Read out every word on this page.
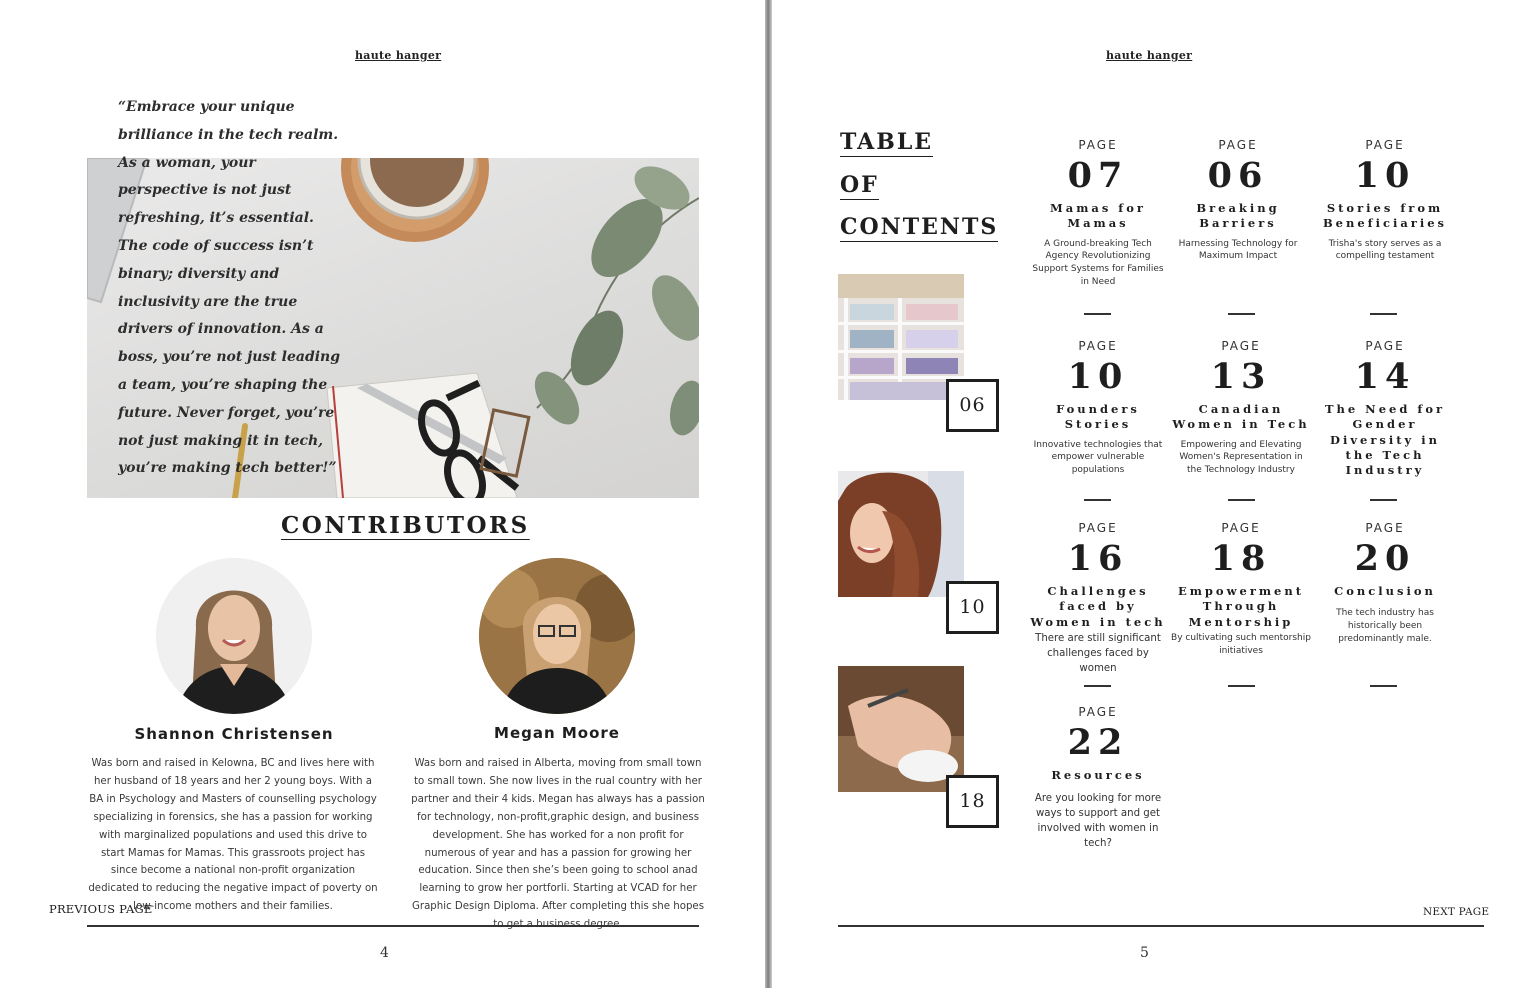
haute hanger

“Embrace your unique brilliance in the tech realm. As a woman, your perspective is not just refreshing, it’s essential. The code of success isn’t binary; diversity and inclusivity are the true drivers of innovation. As a boss, you’re not just leading a team, you’re shaping the future. Never forget, you’re not just making it in tech, you’re making tech better!”

CONTRIBUTORS
Shannon Christensen

Was born and raised in Kelowna, BC and lives here with her husband of 18 years and her 2 young boys. With a BA in Psychology and Masters of counselling psychology specializing in forensics, she has a passion for working with marginalized populations and used this drive to start Mamas for Mamas. This grassroots project has since become a national non-profit organization dedicated to reducing the negative impact of poverty on low-income mothers and their families.

Megan Moore

Was born and raised in Alberta, moving from small town to small town. She now lives in the rual country with her partner and their 4 kids. Megan has always has a passion for technology, non-profit,graphic design, and business development. She has worked for a non profit for numerous of year and has a passion for growing her education. Since then she’s been going to school anad learning to grow her portforli. Starting at VCAD for her Graphic Design Diploma. After completing this she hopes

PREVIOUS PAGE
4
haute hanger
TABLE
OF
CONTENTS
06
10
18
PAGE
07
Mamas for Mamas
A Ground-breaking Tech Agency Revolutionizing Support Systems for Families in Need
PAGE
06
Breaking Barriers
Harnessing Technology for Maximum Impact
PAGE
10
Stories from Beneficiaries
Trisha's story serves as a compelling testament
PAGE
10
Founders Stories
Innovative technologies that empower vulnerable populations
PAGE
13
Canadian Women in Tech
Empowering and Elevating Women's Representation in the Technology Industry
PAGE
14
The Need for Gender Diversity in the Tech Industry
PAGE
16
Challenges faced by Women in tech
There are still significant challenges faced by women
PAGE
18
Empowerment Through Mentorship
By cultivating such mentorship initiatives
PAGE
20
Conclusion
The tech industry has historically been predominantly male.
PAGE
22
Resources
Are you looking for more ways to support and get involved with women in tech?
NEXT PAGE
5
